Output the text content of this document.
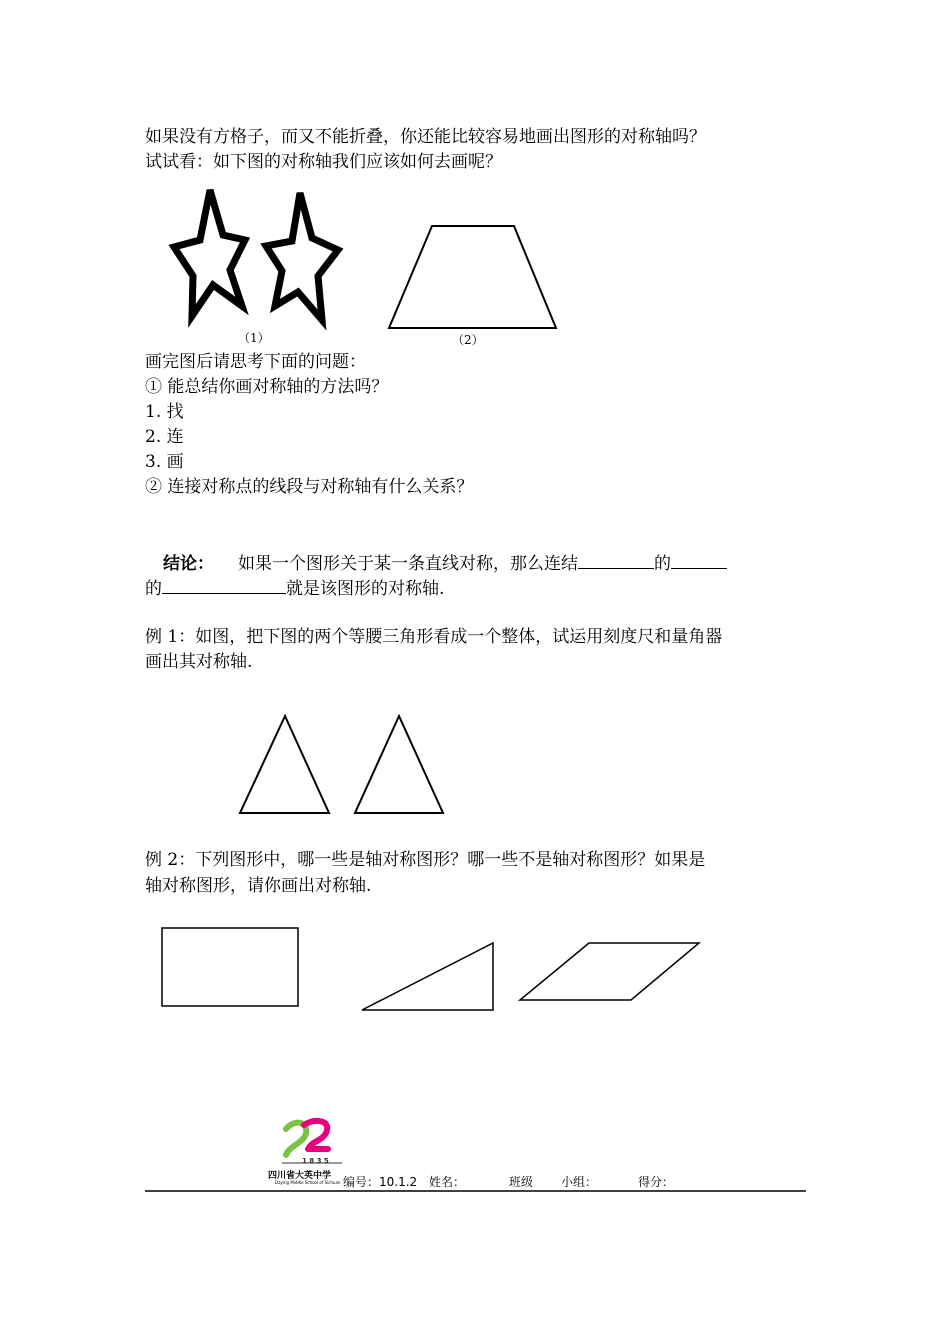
如果没有方格子，而又不能折叠，你还能比较容易地画出图形的对称轴吗？
试试看：如下图的对称轴我们应该如何去画呢？
（1）	（2）
画完图后请思考下面的问题：
① 能总结你画对称轴的方法吗？
1. 找
2. 连
3. 画
② 连接对称点的线段与对称轴有什么关系？
结论： 如果一个图形关于某一条直线对称，那么连结	的
的	就是该图形的对称轴.
例 1：如图，把下图的两个等腰三角形看成一个整体，试运用刻度尺和量角器
画出其对称轴.
例 2：下列图形中，哪一些是轴对称图形？哪一些不是轴对称图形？如果是
轴对称图形，请你画出对称轴.
1 8 3 5
四川省大英中学
Daying Middle School of Sichuan 编号：10.1.2 姓名：	班级 小组：	得分：
